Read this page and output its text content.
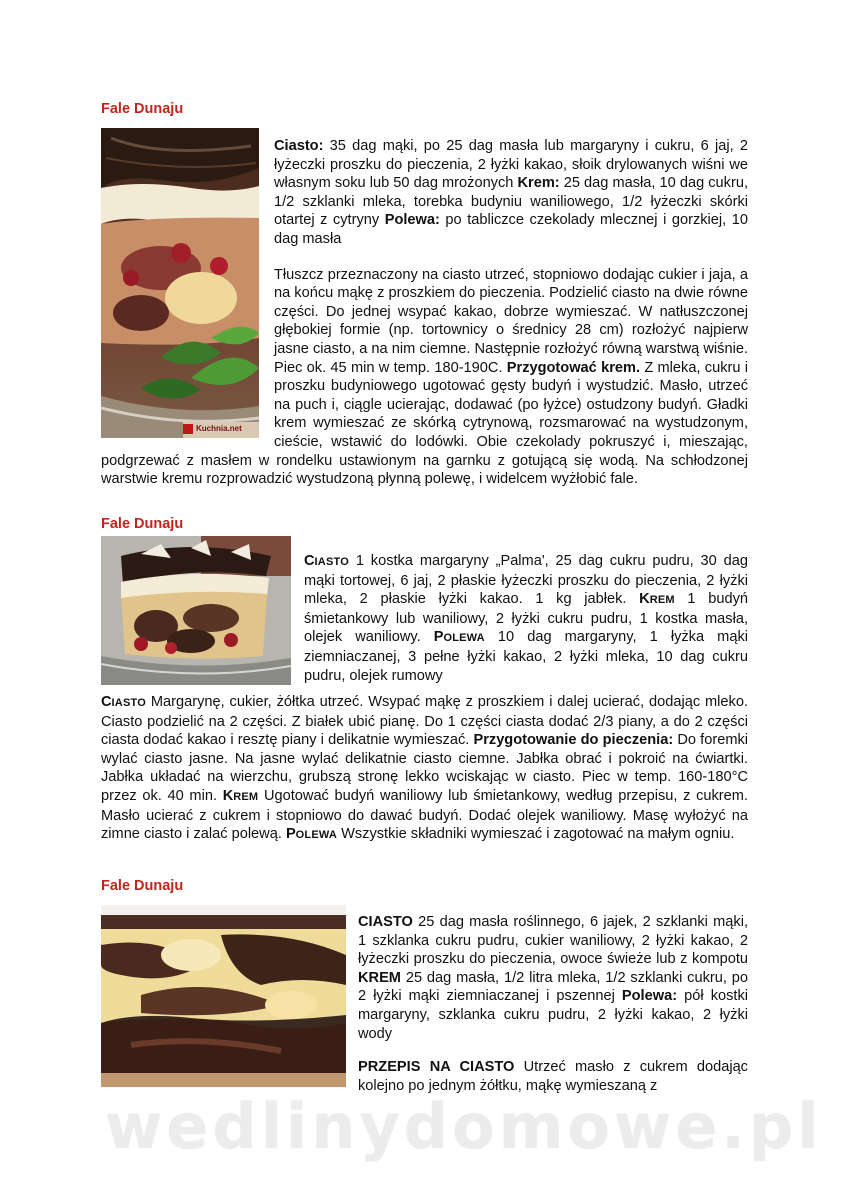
Fale Dunaju
Kuchnia.net

Ciasto: 35 dag mąki, po 25 dag masła lub margaryny i cukru, 6 jaj, 2 łyżeczki proszku do pieczenia, 2 łyżki kakao, słoik drylowanych wiśni we własnym soku lub 50 dag mrożonych Krem: 25 dag masła, 10 dag cukru, 1/2 szklanki mleka, torebka budyniu waniliowego, 1/2 łyżeczki skórki otartej z cytryny Polewa: po tabliczce czekolady mlecznej i gorzkiej, 10 dag masła

Tłuszcz przeznaczony na ciasto utrzeć, stopniowo dodając cukier i jaja, a na końcu mąkę z proszkiem do pieczenia. Podzielić ciasto na dwie równe części. Do jednej wsypać kakao, dobrze wymieszać. W natłuszczonej głębokiej formie (np. tortownicy o średnicy 28 cm) rozłożyć najpierw jasne ciasto, a na nim ciemne. Następnie rozłożyć równą warstwą wiśnie. Piec ok. 45 min w temp. 180-190C. Przygotować krem. Z mleka, cukru i proszku budyniowego ugotować gęsty budyń i wystudzić. Masło, utrzeć na puch i, ciągle ucierając, dodawać (po łyżce) ostudzony budyń. Gładki krem wymieszać ze skórką cytrynową, rozsmarować na wystudzonym, cieście, wstawić do lodówki. Obie czekolady pokruszyć i, mieszając, podgrzewać z masłem w rondelku ustawionym na garnku z gotującą się wodą. Na schłodzonej warstwie kremu rozprowadzić wystudzoną płynną polewę, i widelcem wyżłobić fale.

Fale Dunaju
CIASTO 1 kostka margaryny „Palma', 25 dag cukru pudru, 30 dag mąki tortowej, 6 jaj, 2 płaskie łyżeczki proszku do pieczenia, 2 łyżki mleka, 2 płaskie łyżki kakao. 1 kg jabłek. KREM 1 budyń śmietankowy lub waniliowy, 2 łyżki cukru pudru, 1 kostka masła, olejek waniliowy. POLEWA 10 dag margaryny, 1 łyżka mąki ziemniaczanej, 3 pełne łyżki kakao, 2 łyżki mleka, 10 dag cukru pudru, olejek rumowy
CIASTO Margarynę, cukier, żółtka utrzeć. Wsypać mąkę z proszkiem i dalej ucierać, dodając mleko. Ciasto podzielić na 2 części. Z białek ubić pianę. Do 1 części ciasta dodać 2/3 piany, a do 2 części ciasta dodać kakao i resztę piany i delikatnie wymieszać. Przygotowanie do pieczenia: Do foremki wylać ciasto jasne. Na jasne wylać delikatnie ciasto ciemne. Jabłka obrać i pokroić na ćwiartki. Jabłka układać na wierzchu, grubszą stronę lekko wciskając w ciasto. Piec w temp. 160-180°C przez ok. 40 min. KREM Ugotować budyń waniliowy lub śmietankowy, według przepisu, z cukrem. Masło ucierać z cukrem i stopniowo do dawać budyń. Dodać olejek waniliowy. Masę wyłożyć na zimne ciasto i zalać polewą. POLEWA Wszystkie składniki wymieszać i zagotować na małym ogniu.
Fale Dunaju
CIASTO 25 dag masła roślinnego, 6 jajek, 2 szklanki mąki, 1 szklanka cukru pudru, cukier waniliowy, 2 łyżki kakao, 2 łyżeczki proszku do pieczenia, owoce świeże lub z kompotu KREM 25 dag masła, 1/2 litra mleka, 1/2 szklanki cukru, po 2 łyżki mąki ziemniaczanej i pszennej Polewa: pół kostki margaryny, szklanka cukru pudru, 2 łyżki kakao, 2 łyżki wody
PRZEPIS NA CIASTO Utrzeć masło z cukrem dodając kolejno po jednym żółtku, mąkę wymieszaną z
wedlinydomowe.pl
